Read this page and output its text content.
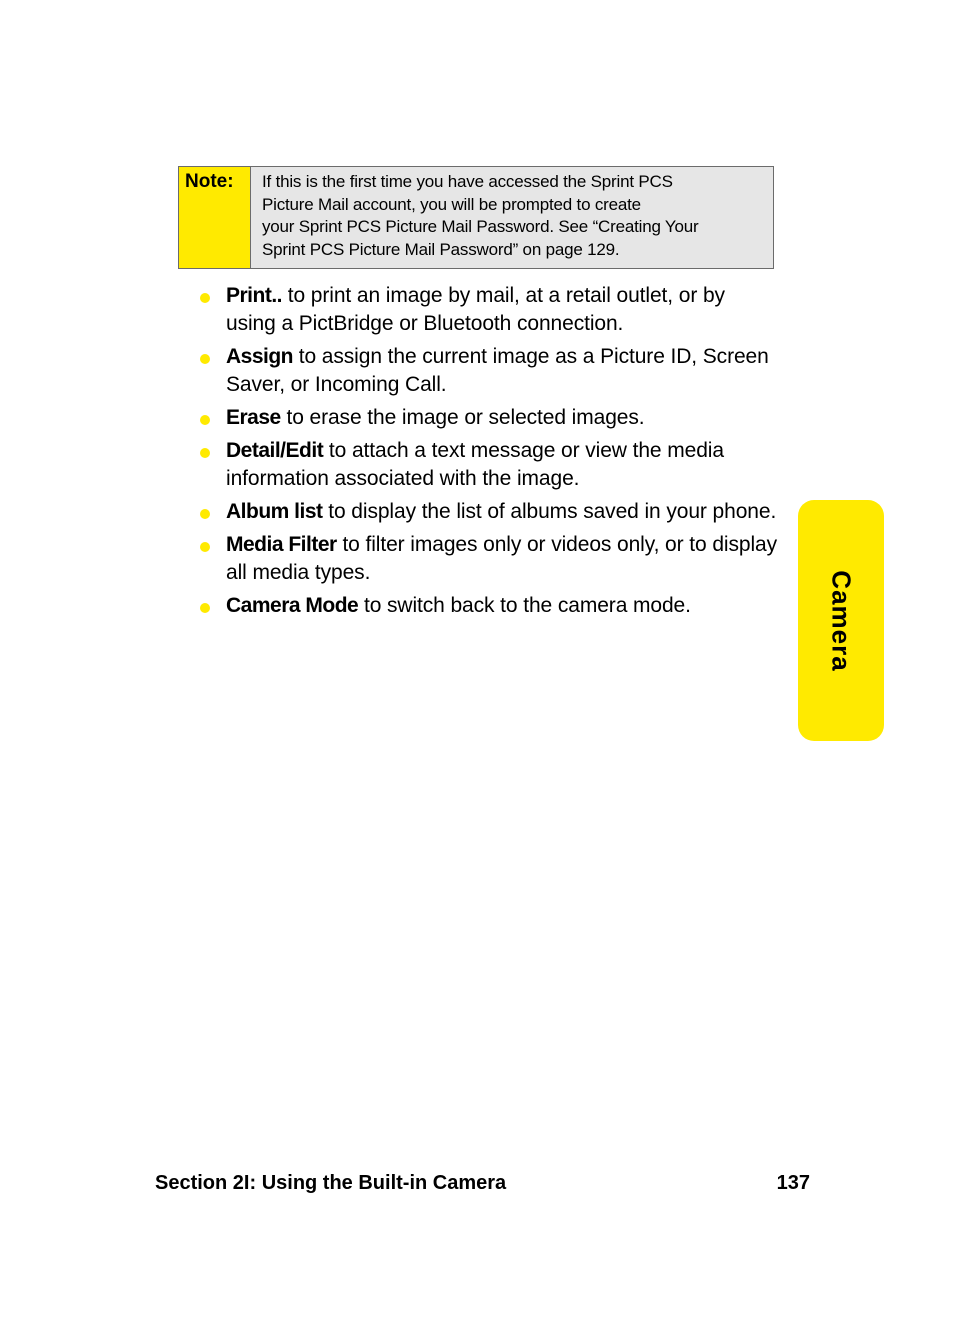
Note:	If this is the first time you have accessed the Sprint PCS
Picture Mail account, you will be prompted to create
your Sprint PCS Picture Mail Password. See “Creating Your
Sprint PCS Picture Mail Password” on page 129.
Print.. to print an image by mail, at a retail outlet, or by using a PictBridge or Bluetooth connection.
Assign to assign the current image as a Picture ID, Screen Saver, or Incoming Call.
Erase to erase the image or selected images.
Detail/Edit to attach a text message or view the media information associated with the image.
Album list to display the list of albums saved in your phone.
Media Filter to filter images only or videos only, or to display all media types.
Camera Mode to switch back to the camera mode.	Camera
Section 2I: Using the Built-in Camera	137
